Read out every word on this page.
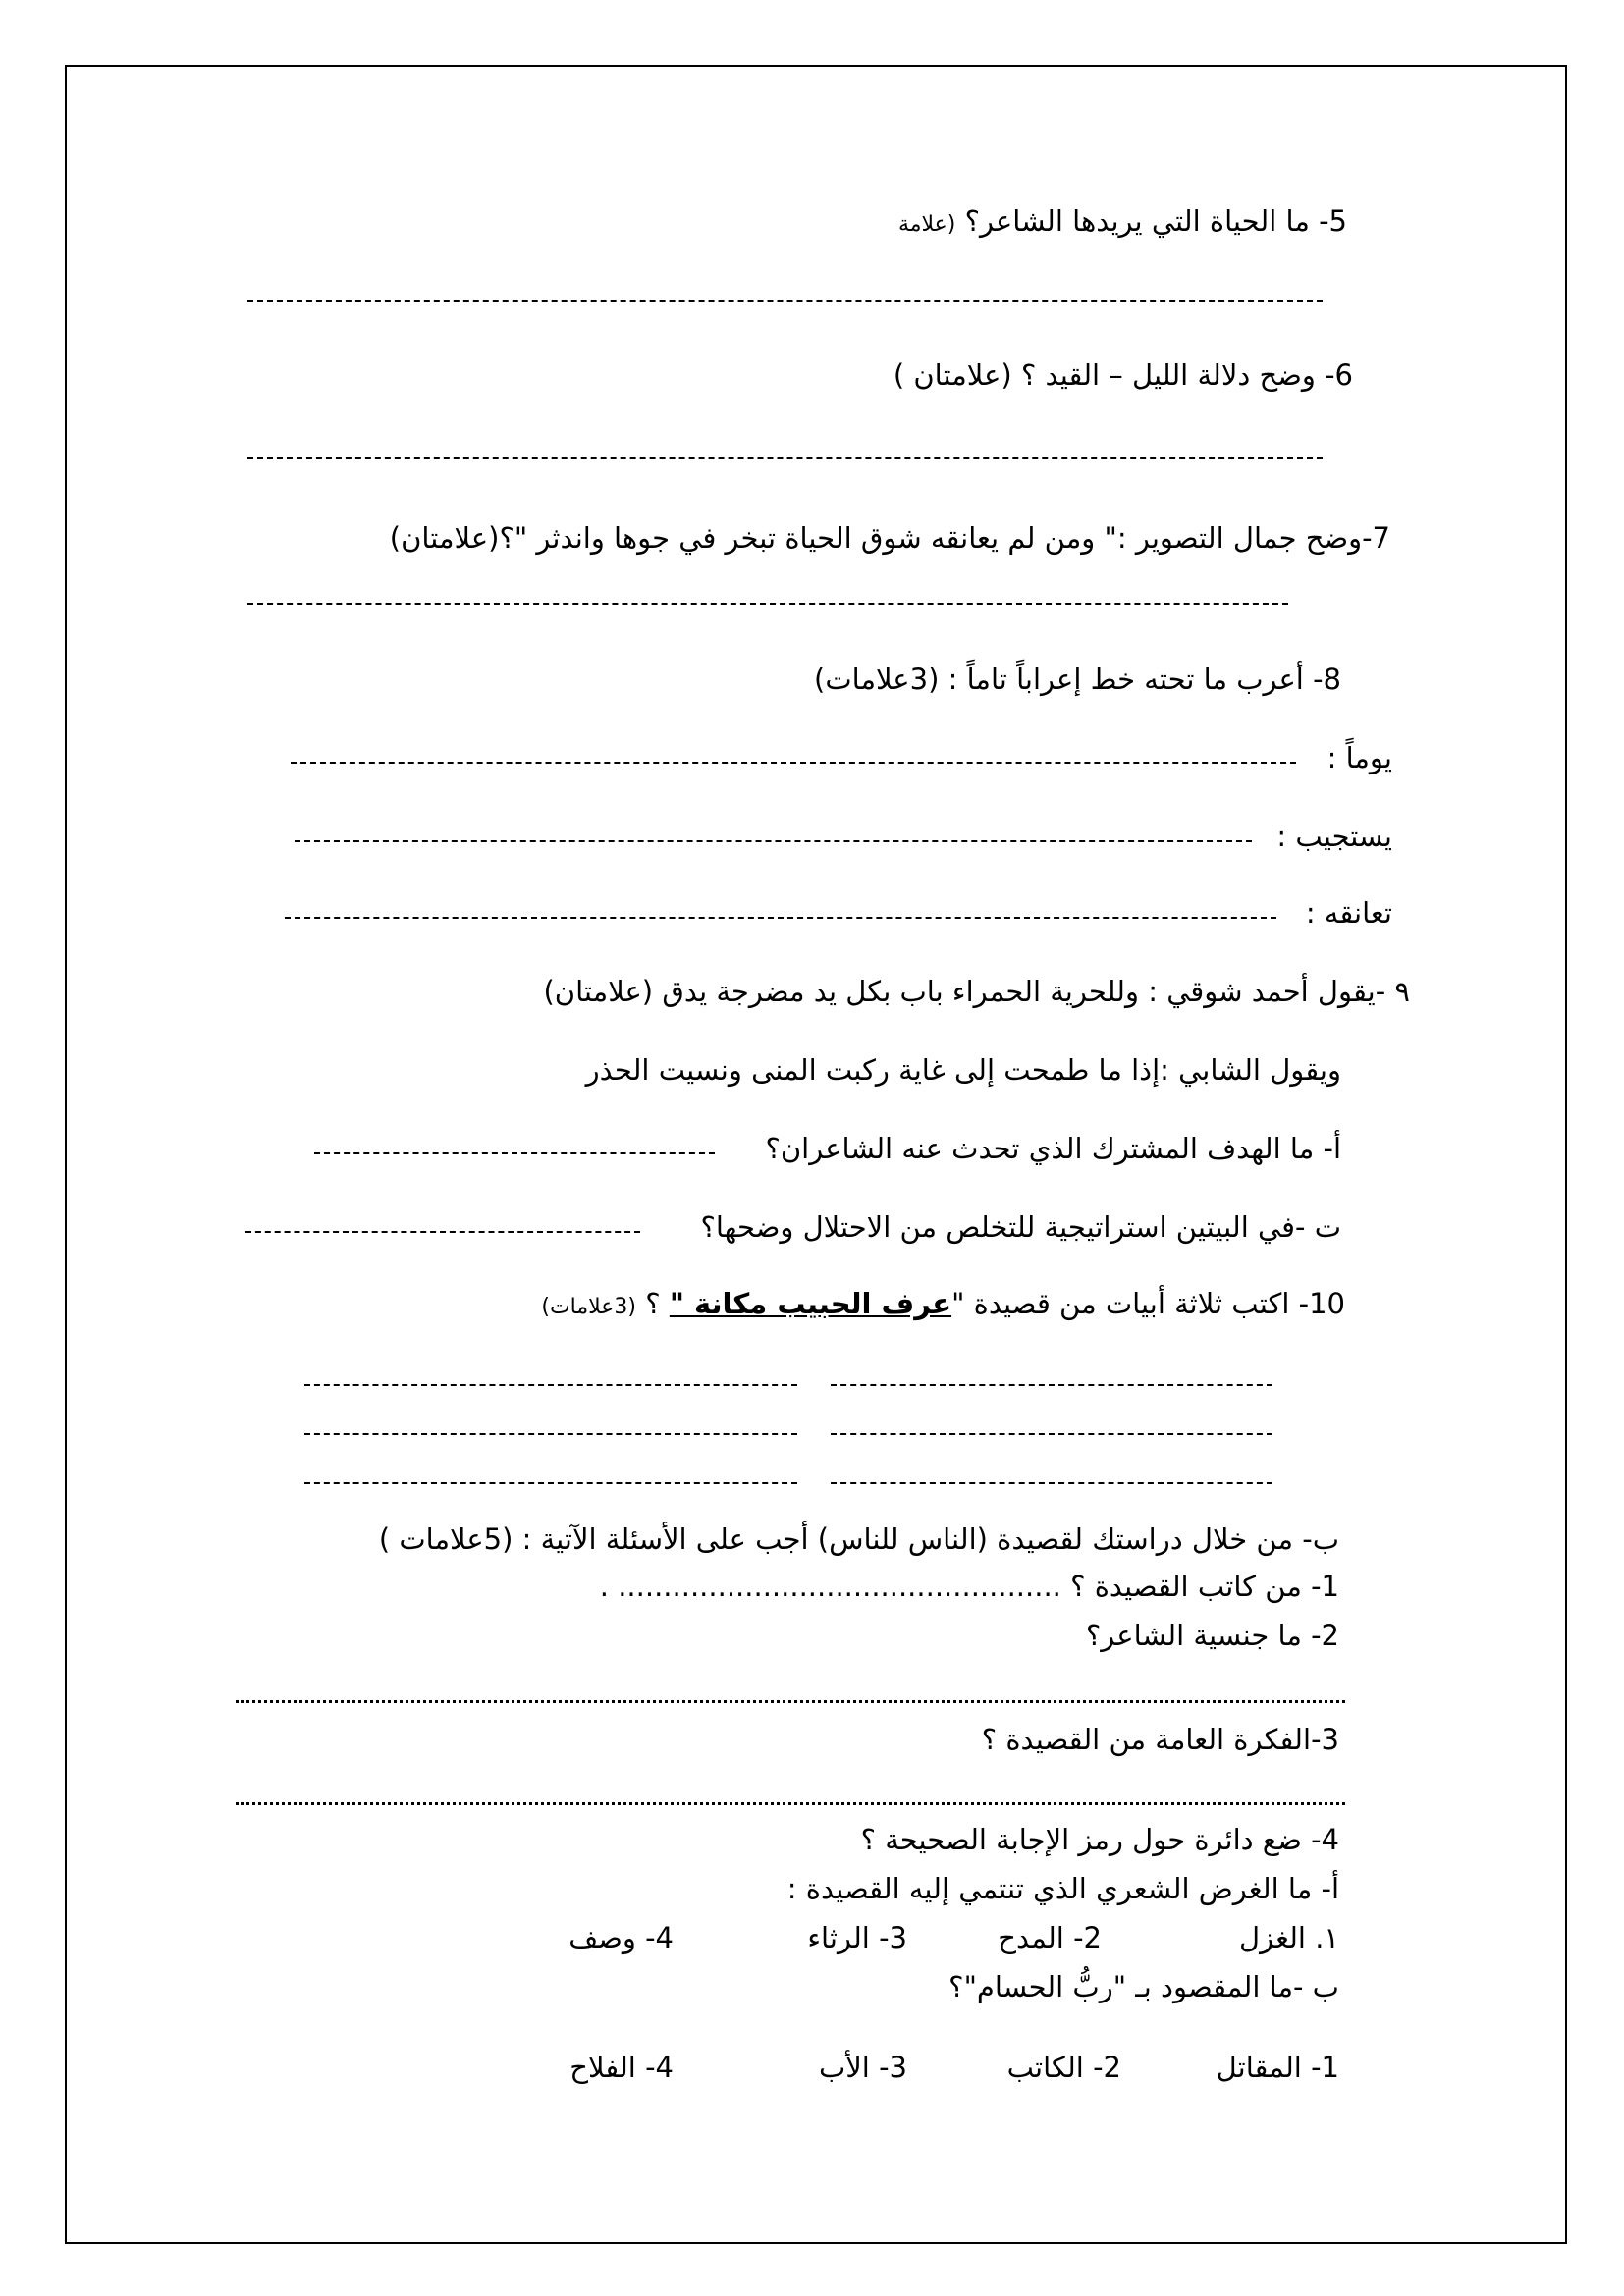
5- ما الحياة التي يريدها الشاعر؟ (علامة
6- وضح دلالة الليل – القيد ؟ (علامتان )
7-وضح جمال التصوير :" ومن لم يعانقه شوق الحياة تبخر في جوها واندثر "؟(علامتان)
8- أعرب ما تحته خط إعراباً تاماً : (3علامات)
يوماً :
يستجيب :
تعانقه :
٩ -يقول أحمد شوقي : وللحرية الحمراء باب بكل يد مضرجة يدق (علامتان)
ويقول الشابي :إذا ما طمحت إلى غاية ركبت المنى ونسيت الحذر
أ- ما الهدف المشترك الذي تحدث عنه الشاعران؟
ت -في البيتين استراتيجية للتخلص من الاحتلال وضحها؟
10- اكتب ثلاثة أبيات من قصيدة "عرف الحبيب مكانة " ؟ (3علامات)
ب- من خلال دراستك لقصيدة (الناس للناس) أجب على الأسئلة الآتية : (5علامات )
1- من كاتب القصيدة ؟ ................................................. .
2- ما جنسية الشاعر؟
3-الفكرة العامة من القصيدة ؟
4- ضع دائرة حول رمز الإجابة الصحيحة ؟
أ- ما الغرض الشعري الذي تنتمي إليه القصيدة :
١. الغزل
2- المدح
3- الرثاء
4- وصف
ب -ما المقصود بـ "ربُّ الحسام"؟
1- المقاتل
2- الكاتب
3- الأب
4- الفلاح
